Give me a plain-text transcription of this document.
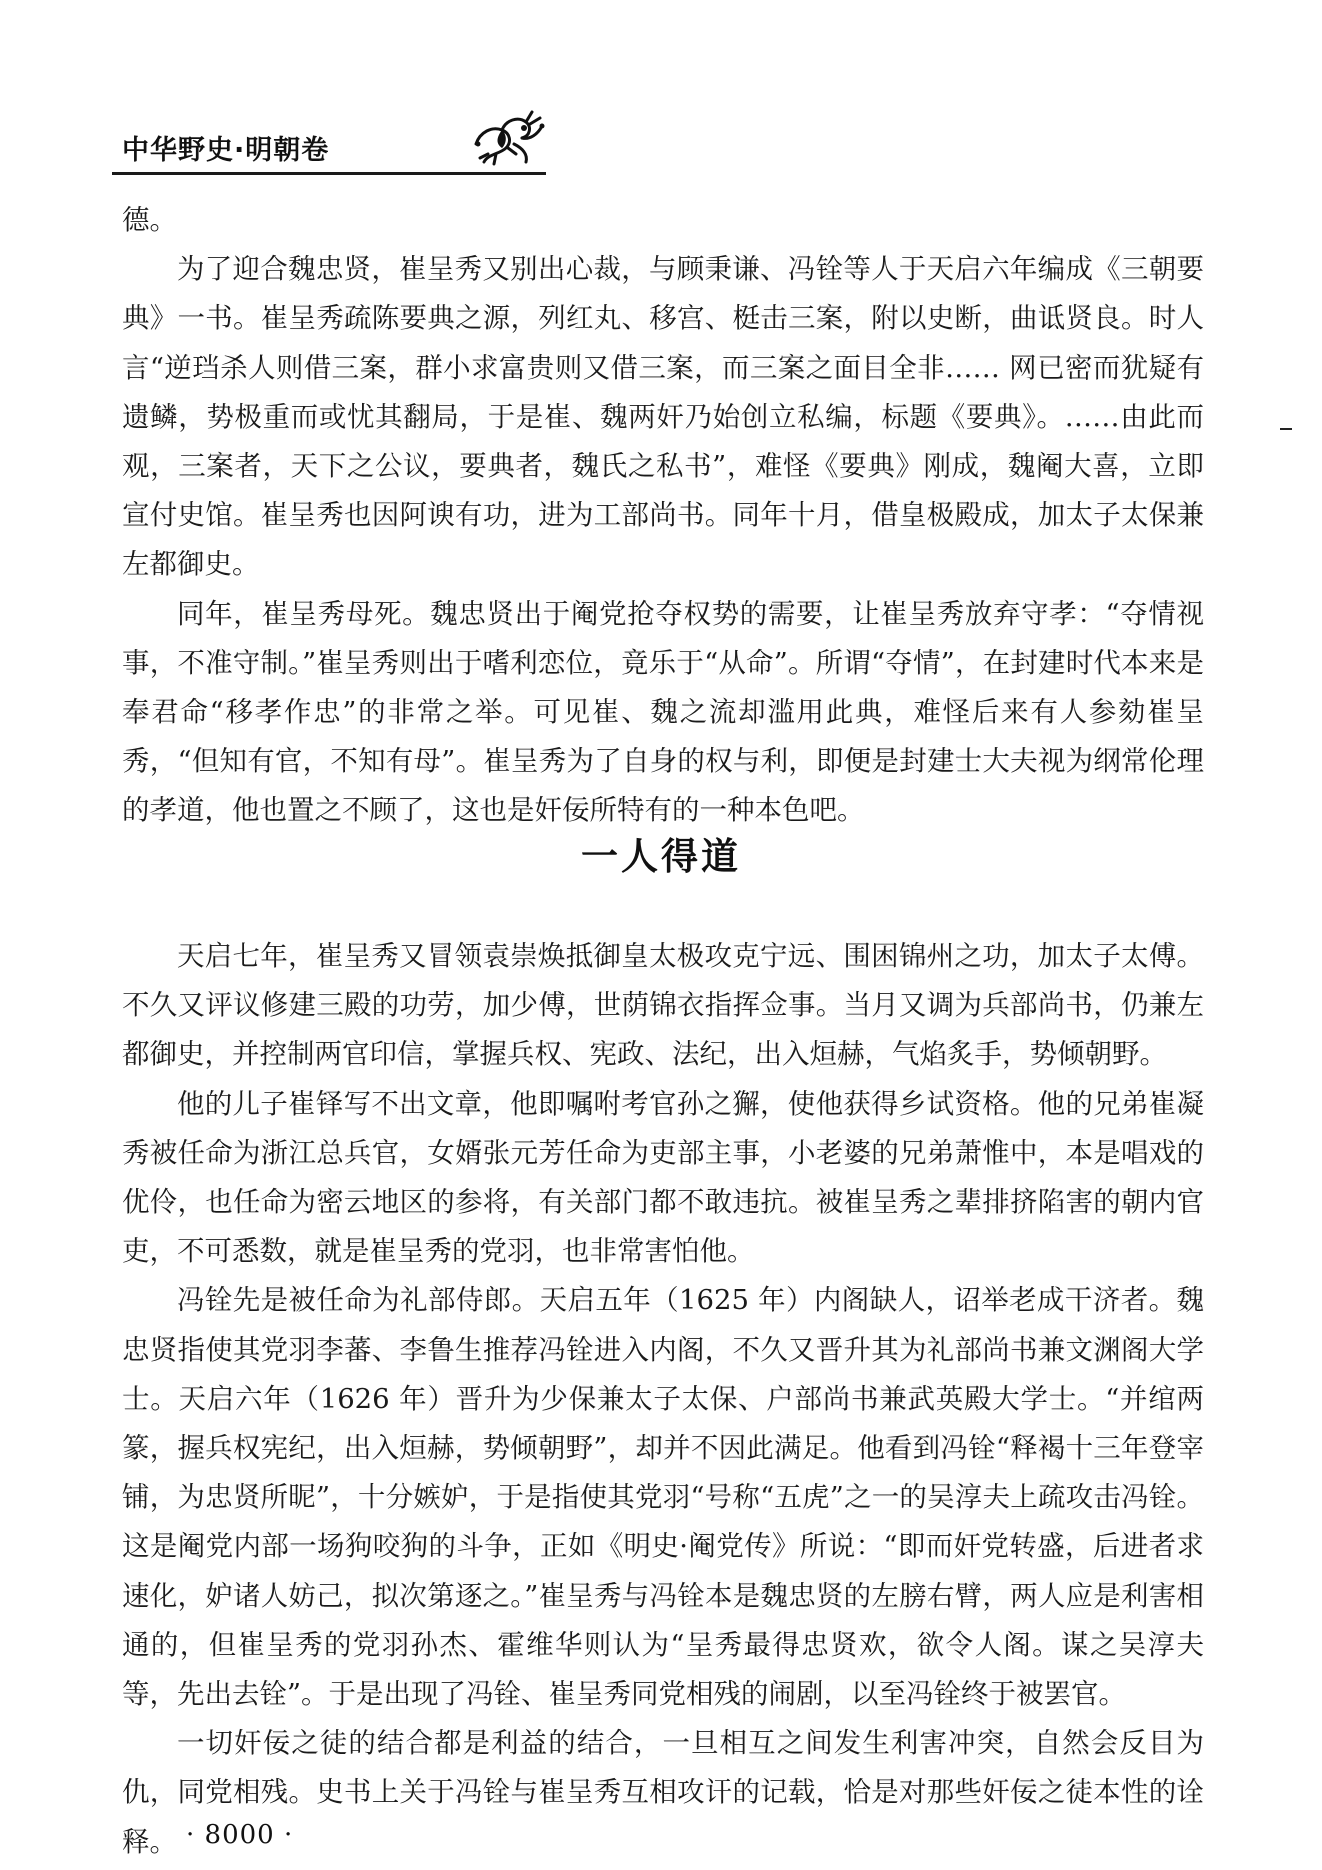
中华野史·明朝卷

德。

为了迎合魏忠贤，崔呈秀又别出心裁，与顾秉谦、冯铨等人于天启六年编成《三朝要典》一书。崔呈秀疏陈要典之源，列红丸、移宫、梃击三案，附以史断，曲诋贤良。时人言“逆珰杀人则借三案，群小求富贵则又借三案，而三案之面目全非…… 网已密而犹疑有遗鳞，势极重而或忧其翻局，于是崔、魏两奸乃始创立私编，标题《要典》。……由此而观，三案者，天下之公议，要典者，魏氏之私书”，难怪《要典》刚成，魏阉大喜，立即宣付史馆。崔呈秀也因阿谀有功，进为工部尚书。同年十月，借皇极殿成，加太子太保兼左都御史。

同年，崔呈秀母死。魏忠贤出于阉党抢夺权势的需要，让崔呈秀放弃守孝：“夺情视事，不准守制。”崔呈秀则出于嗜利恋位，竟乐于“从命”。所谓“夺情”，在封建时代本来是奉君命“移孝作忠”的非常之举。可见崔、魏之流却滥用此典，难怪后来有人参劾崔呈秀，“但知有官，不知有母”。崔呈秀为了自身的权与利，即便是封建士大夫视为纲常伦理的孝道，他也置之不顾了，这也是奸佞所特有的一种本色吧。

一人得道

天启七年，崔呈秀又冒领袁崇焕抵御皇太极攻克宁远、围困锦州之功，加太子太傅。不久又评议修建三殿的功劳，加少傅，世荫锦衣指挥佥事。当月又调为兵部尚书，仍兼左都御史，并控制两官印信，掌握兵权、宪政、法纪，出入烜赫，气焰炙手，势倾朝野。

他的儿子崔铎写不出文章，他即嘱咐考官孙之獬，使他获得乡试资格。他的兄弟崔凝秀被任命为浙江总兵官，女婿张元芳任命为吏部主事，小老婆的兄弟萧惟中，本是唱戏的优伶，也任命为密云地区的参将，有关部门都不敢违抗。被崔呈秀之辈排挤陷害的朝内官吏，不可悉数，就是崔呈秀的党羽，也非常害怕他。

冯铨先是被任命为礼部侍郎。天启五年（1625 年）内阁缺人，诏举老成干济者。魏忠贤指使其党羽李蕃、李鲁生推荐冯铨进入内阁，不久又晋升其为礼部尚书兼文渊阁大学士。天启六年（1626 年）晋升为少保兼太子太保、户部尚书兼武英殿大学士。“并绾两篆，握兵权宪纪，出入烜赫，势倾朝野”，却并不因此满足。他看到冯铨“释褐十三年登宰铺，为忠贤所昵”，十分嫉妒，于是指使其党羽“号称“五虎”之一的吴淳夫上疏攻击冯铨。这是阉党内部一场狗咬狗的斗争，正如《明史·阉党传》所说：“即而奸党转盛，后进者求速化，妒诸人妨己，拟次第逐之。”崔呈秀与冯铨本是魏忠贤的左膀右臂，两人应是利害相通的，但崔呈秀的党羽孙杰、霍维华则认为“呈秀最得忠贤欢，欲令人阁。谋之吴淳夫等，先出去铨”。于是出现了冯铨、崔呈秀同党相残的闹剧，以至冯铨终于被罢官。

一切奸佞之徒的结合都是利益的结合，一旦相互之间发生利害冲突，自然会反目为仇，同党相残。史书上关于冯铨与崔呈秀互相攻讦的记载，恰是对那些奸佞之徒本性的诠释。 · 8000 ·
